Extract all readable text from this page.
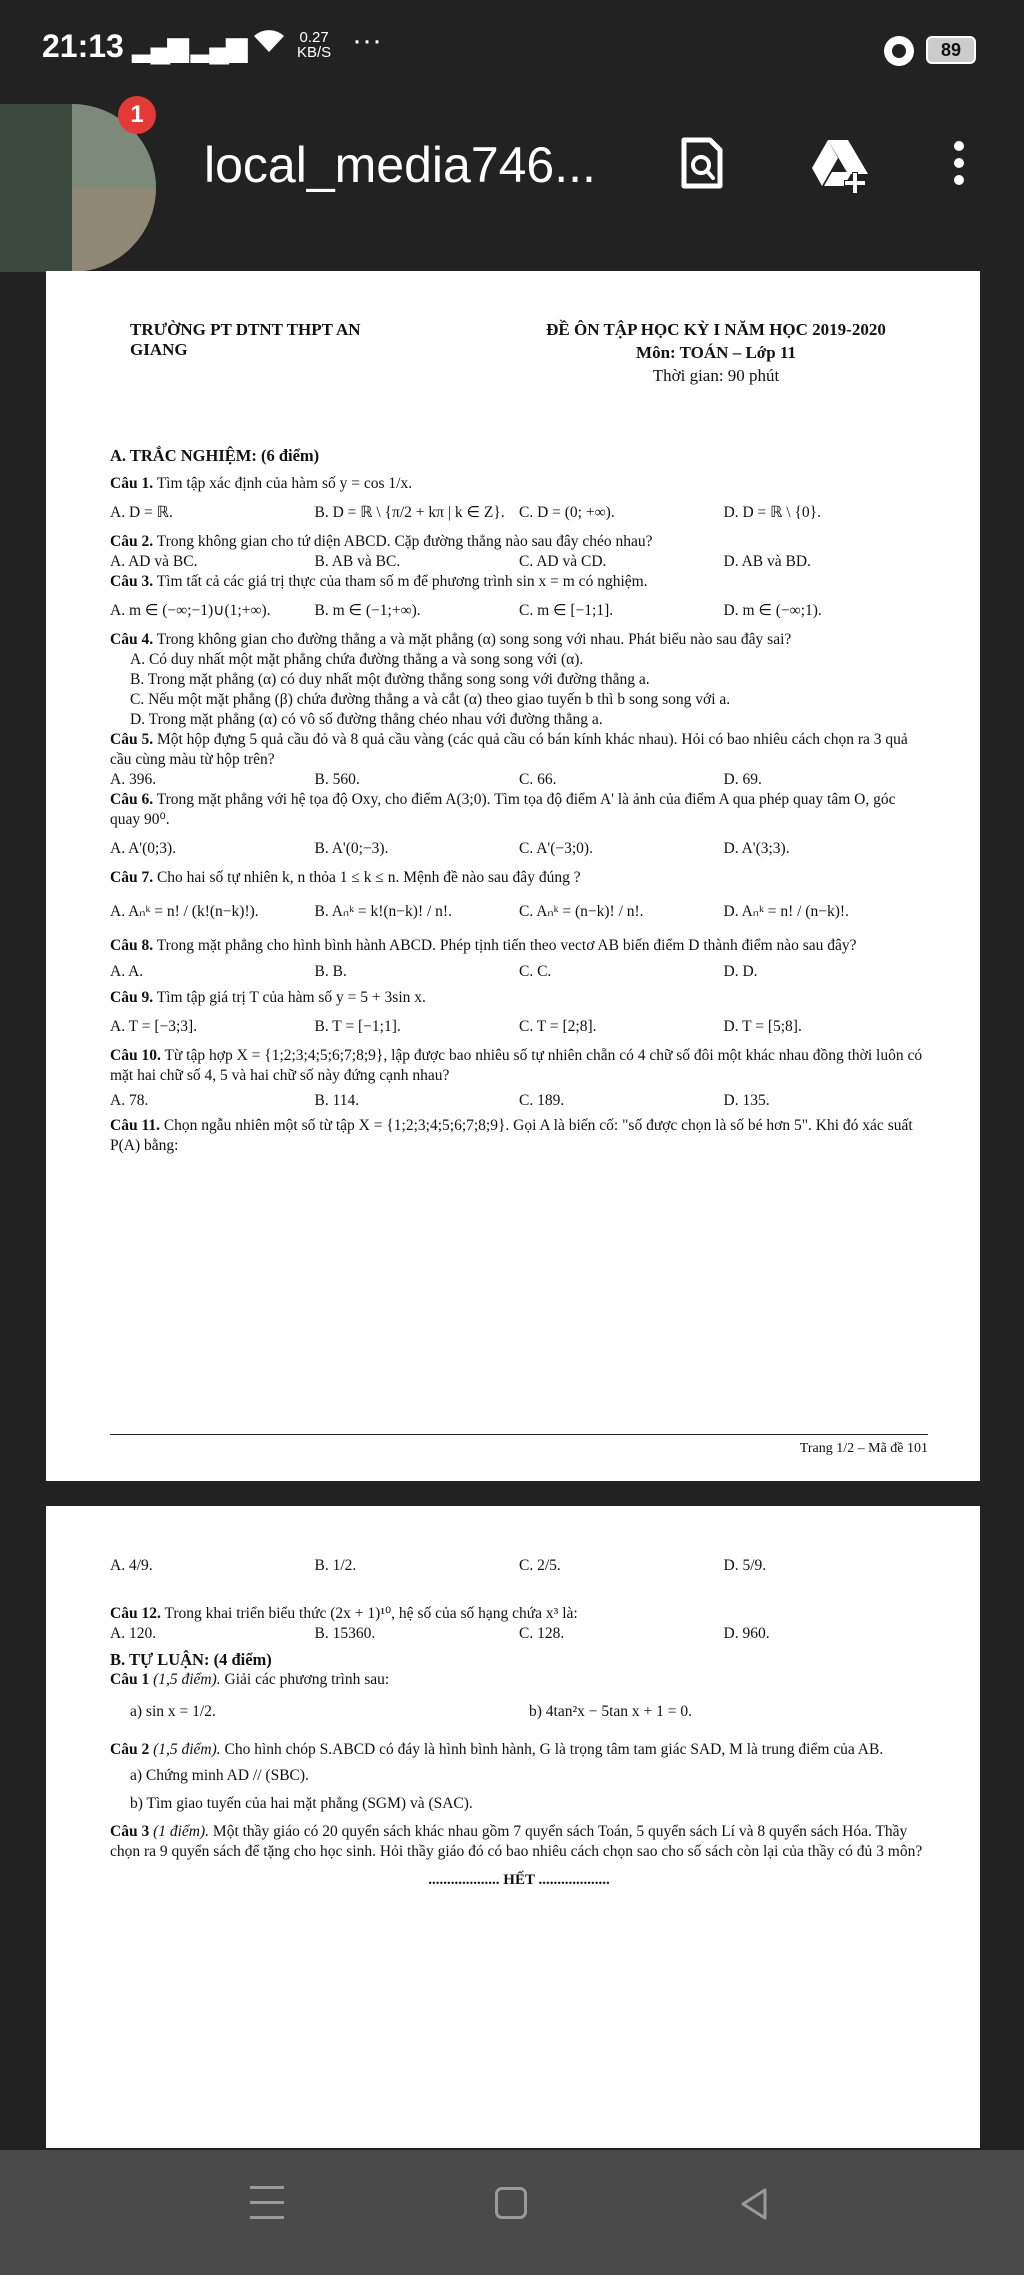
21:13 ▂▄▆ ▂▄▆	0.27
KB/S ···	89
1
local_media746...
TRƯỜNG PT DTNT THPT AN GIANG
ĐỀ ÔN TẬP HỌC KỲ I NĂM HỌC 2019-2020
Môn: TOÁN – Lớp 11
Thời gian: 90 phút
A. TRẮC NGHIỆM: (6 điểm)

Câu 1. Tìm tập xác định của hàm số y = cos 1/x.

A. D = ℝ.	B. D = ℝ \ {π/2 + kπ | k ∈ Z}. C. D = (0; +∞).	D. D = ℝ \ {0}.

Câu 2. Trong không gian cho tứ diện ABCD. Cặp đường thẳng nào sau đây chéo nhau?

A. AD và BC.	B. AB và BC.	C. AD và CD.	D. AB và BD.

Câu 3. Tìm tất cả các giá trị thực của tham số m để phương trình sin x = m có nghiệm.

A. m ∈ (−∞;−1)∪(1;+∞).	B. m ∈ (−1;+∞).	C. m ∈ [−1;1].	D. m ∈ (−∞;1).

Câu 4. Trong không gian cho đường thẳng a và mặt phẳng (α) song song với nhau. Phát biểu nào sau đây sai?

A. Có duy nhất một mặt phẳng chứa đường thẳng a và song song với (α).
B. Trong mặt phẳng (α) có duy nhất một đường thẳng song song với đường thẳng a.
C. Nếu một mặt phẳng (β) chứa đường thẳng a và cắt (α) theo giao tuyến b thì b song song với a.
D. Trong mặt phẳng (α) có vô số đường thẳng chéo nhau với đường thẳng a.

Câu 5. Một hộp đựng 5 quả cầu đỏ và 8 quả cầu vàng (các quả cầu có bán kính khác nhau). Hỏi có bao nhiêu cách chọn ra 3 quả cầu cùng màu từ hộp trên?

A. 396.	B. 560.	C. 66.	D. 69.

Câu 6. Trong mặt phẳng với hệ tọa độ Oxy, cho điểm A(3;0). Tìm tọa độ điểm A' là ảnh của điểm A qua phép quay tâm O, góc quay 90⁰.

A. A'(0;3).	B. A'(0;−3).	C. A'(−3;0).	D. A'(3;3).

Câu 7. Cho hai số tự nhiên k, n thỏa 1 ≤ k ≤ n. Mệnh đề nào sau đây đúng ?

A. Aₙᵏ = n! / (k!(n−k)!).	B. Aₙᵏ = k!(n−k)! / n!.	C. Aₙᵏ = (n−k)! / n!.	D. Aₙᵏ = n! / (n−k)!.

Câu 8. Trong mặt phẳng cho hình bình hành ABCD. Phép tịnh tiến theo vectơ AB biến điểm D thành điểm nào sau đây?

A. A.	B. B.	C. C.	D. D.

Câu 9. Tìm tập giá trị T của hàm số y = 5 + 3sin x.

A. T = [−3;3].	B. T = [−1;1].	C. T = [2;8].	D. T = [5;8].

Câu 10. Từ tập hợp X = {1;2;3;4;5;6;7;8;9}, lập được bao nhiêu số tự nhiên chẵn có 4 chữ số đôi một khác nhau đồng thời luôn có mặt hai chữ số 4, 5 và hai chữ số này đứng cạnh nhau?

A. 78.	B. 114.	C. 189.	D. 135.

Câu 11. Chọn ngẫu nhiên một số từ tập X = {1;2;3;4;5;6;7;8;9}. Gọi A là biến cố: "số được chọn là số bé hơn 5". Khi đó xác suất P(A) bằng:

Trang 1/2 – Mã đề 101
A. 4/9.	B. 1/2.	C. 2/5.	D. 5/9.

Câu 12. Trong khai triển biểu thức (2x + 1)¹⁰, hệ số của số hạng chứa x³ là:

A. 120.	B. 15360.	C. 128.	D. 960.
B. TỰ LUẬN: (4 điểm)

Câu 1 (1,5 điểm). Giải các phương trình sau:

a) sin x = 1/2.	b) 4tan²x − 5tan x + 1 = 0.

Câu 2 (1,5 điểm). Cho hình chóp S.ABCD có đáy là hình bình hành, G là trọng tâm tam giác SAD, M là trung điểm của AB.

a) Chứng minh AD // (SBC).
b) Tìm giao tuyến của hai mặt phẳng (SGM) và (SAC).

Câu 3 (1 điểm). Một thầy giáo có 20 quyển sách khác nhau gồm 7 quyển sách Toán, 5 quyển sách Lí và 8 quyển sách Hóa. Thầy chọn ra 9 quyển sách để tặng cho học sinh. Hỏi thầy giáo đó có bao nhiêu cách chọn sao cho số sách còn lại của thầy có đủ 3 môn?

................... HẾT ...................
